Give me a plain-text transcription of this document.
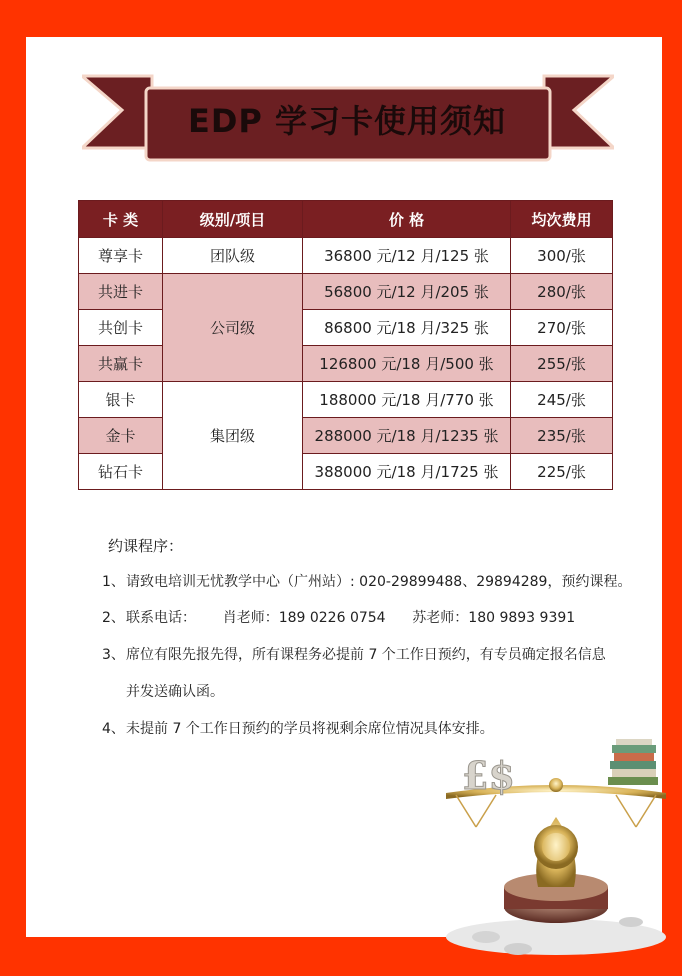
EDP 学习卡使用须知
卡 类	级别/项目	价 格	均次费用
尊享卡	团队级	36800 元/12 月/125 张	300/张
共进卡	公司级	56800 元/12 月/205 张	280/张
共创卡		86800 元/18 月/325 张	270/张
共赢卡		126800 元/18 月/500 张	255/张
银卡	集团级	188000 元/18 月/770 张	245/张
金卡		288000 元/18 月/1235 张	235/张
钻石卡		388000 元/18 月/1725 张	225/张
约课程序：
1、请致电培训无忧教学中心（广州站）: 020-29899488、29894289，预约课程。
2、联系电话：      肖老师：189 0226 0754      苏老师：180 9893 9391
3、席位有限先报先得，所有课程务必提前 7 个工作日预约，有专员确定报名信息
并发送确认函。
4、未提前 7 个工作日预约的学员将视剩余席位情况具体安排。
£$
